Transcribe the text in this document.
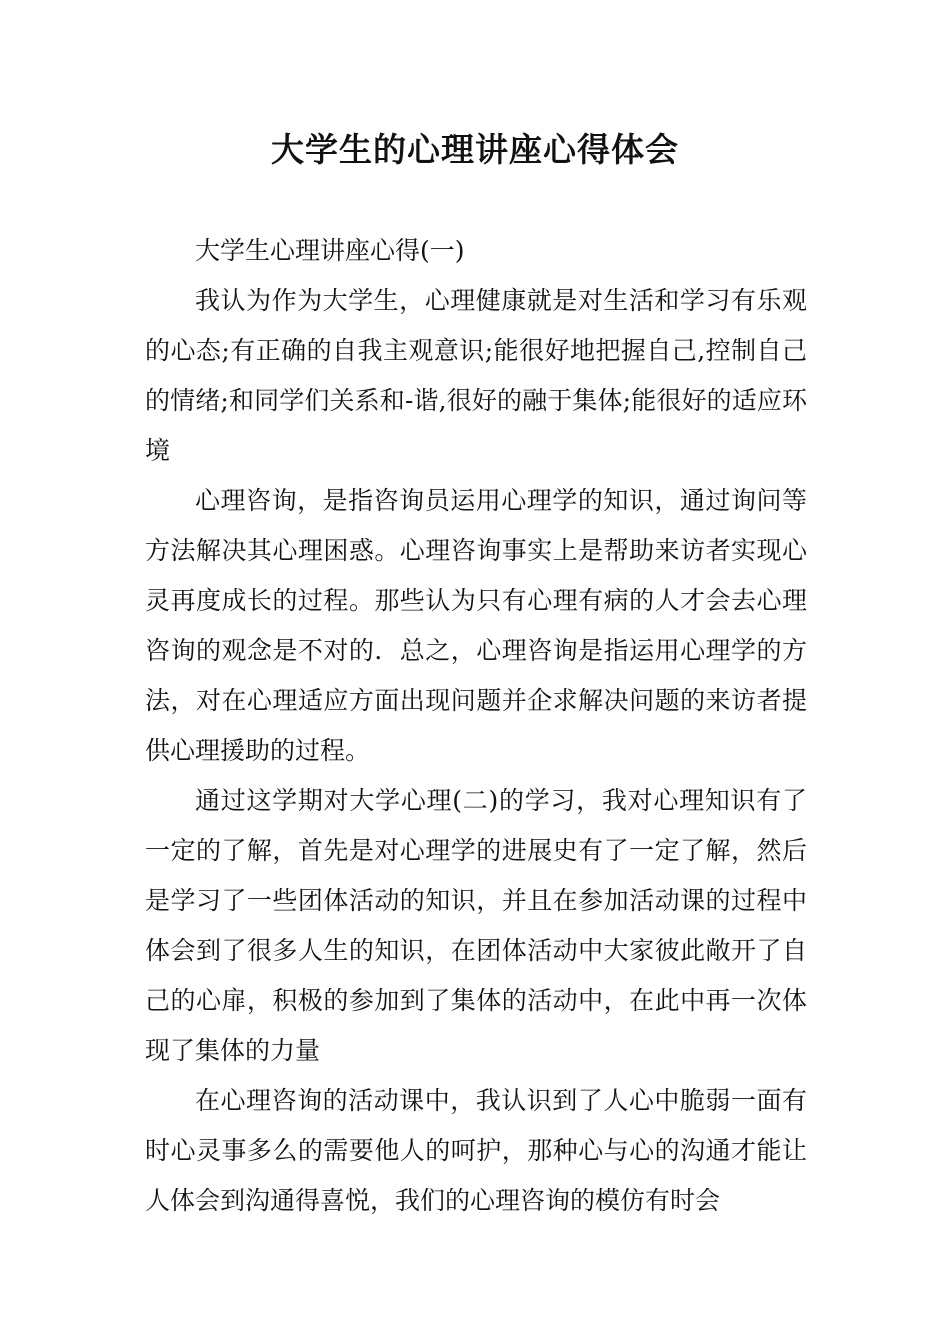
大学生的心理讲座心得体会

大学生心理讲座心得(一)

我认为作为大学生，心理健康就是对生活和学习有乐观的心态;有正确的自我主观意识;能很好地把握自己,控制自己的情绪;和同学们关系和-谐,很好的融于集体;能很好的适应环境

心理咨询，是指咨询员运用心理学的知识，通过询问等方法解决其心理困惑。心理咨询事实上是帮助来访者实现心灵再度成长的过程。那些认为只有心理有病的人才会去心理咨询的观念是不对的．总之，心理咨询是指运用心理学的方法，对在心理适应方面出现问题并企求解决问题的来访者提供心理援助的过程。

通过这学期对大学心理(二)的学习，我对心理知识有了一定的了解，首先是对心理学的进展史有了一定了解，然后是学习了一些团体活动的知识，并且在参加活动课的过程中体会到了很多人生的知识，在团体活动中大家彼此敞开了自己的心扉，积极的参加到了集体的活动中，在此中再一次体现了集体的力量

在心理咨询的活动课中，我认识到了人心中脆弱一面有时心灵事多么的需要他人的呵护，那种心与心的沟通才能让人体会到沟通得喜悦，我们的心理咨询的模仿有时会
